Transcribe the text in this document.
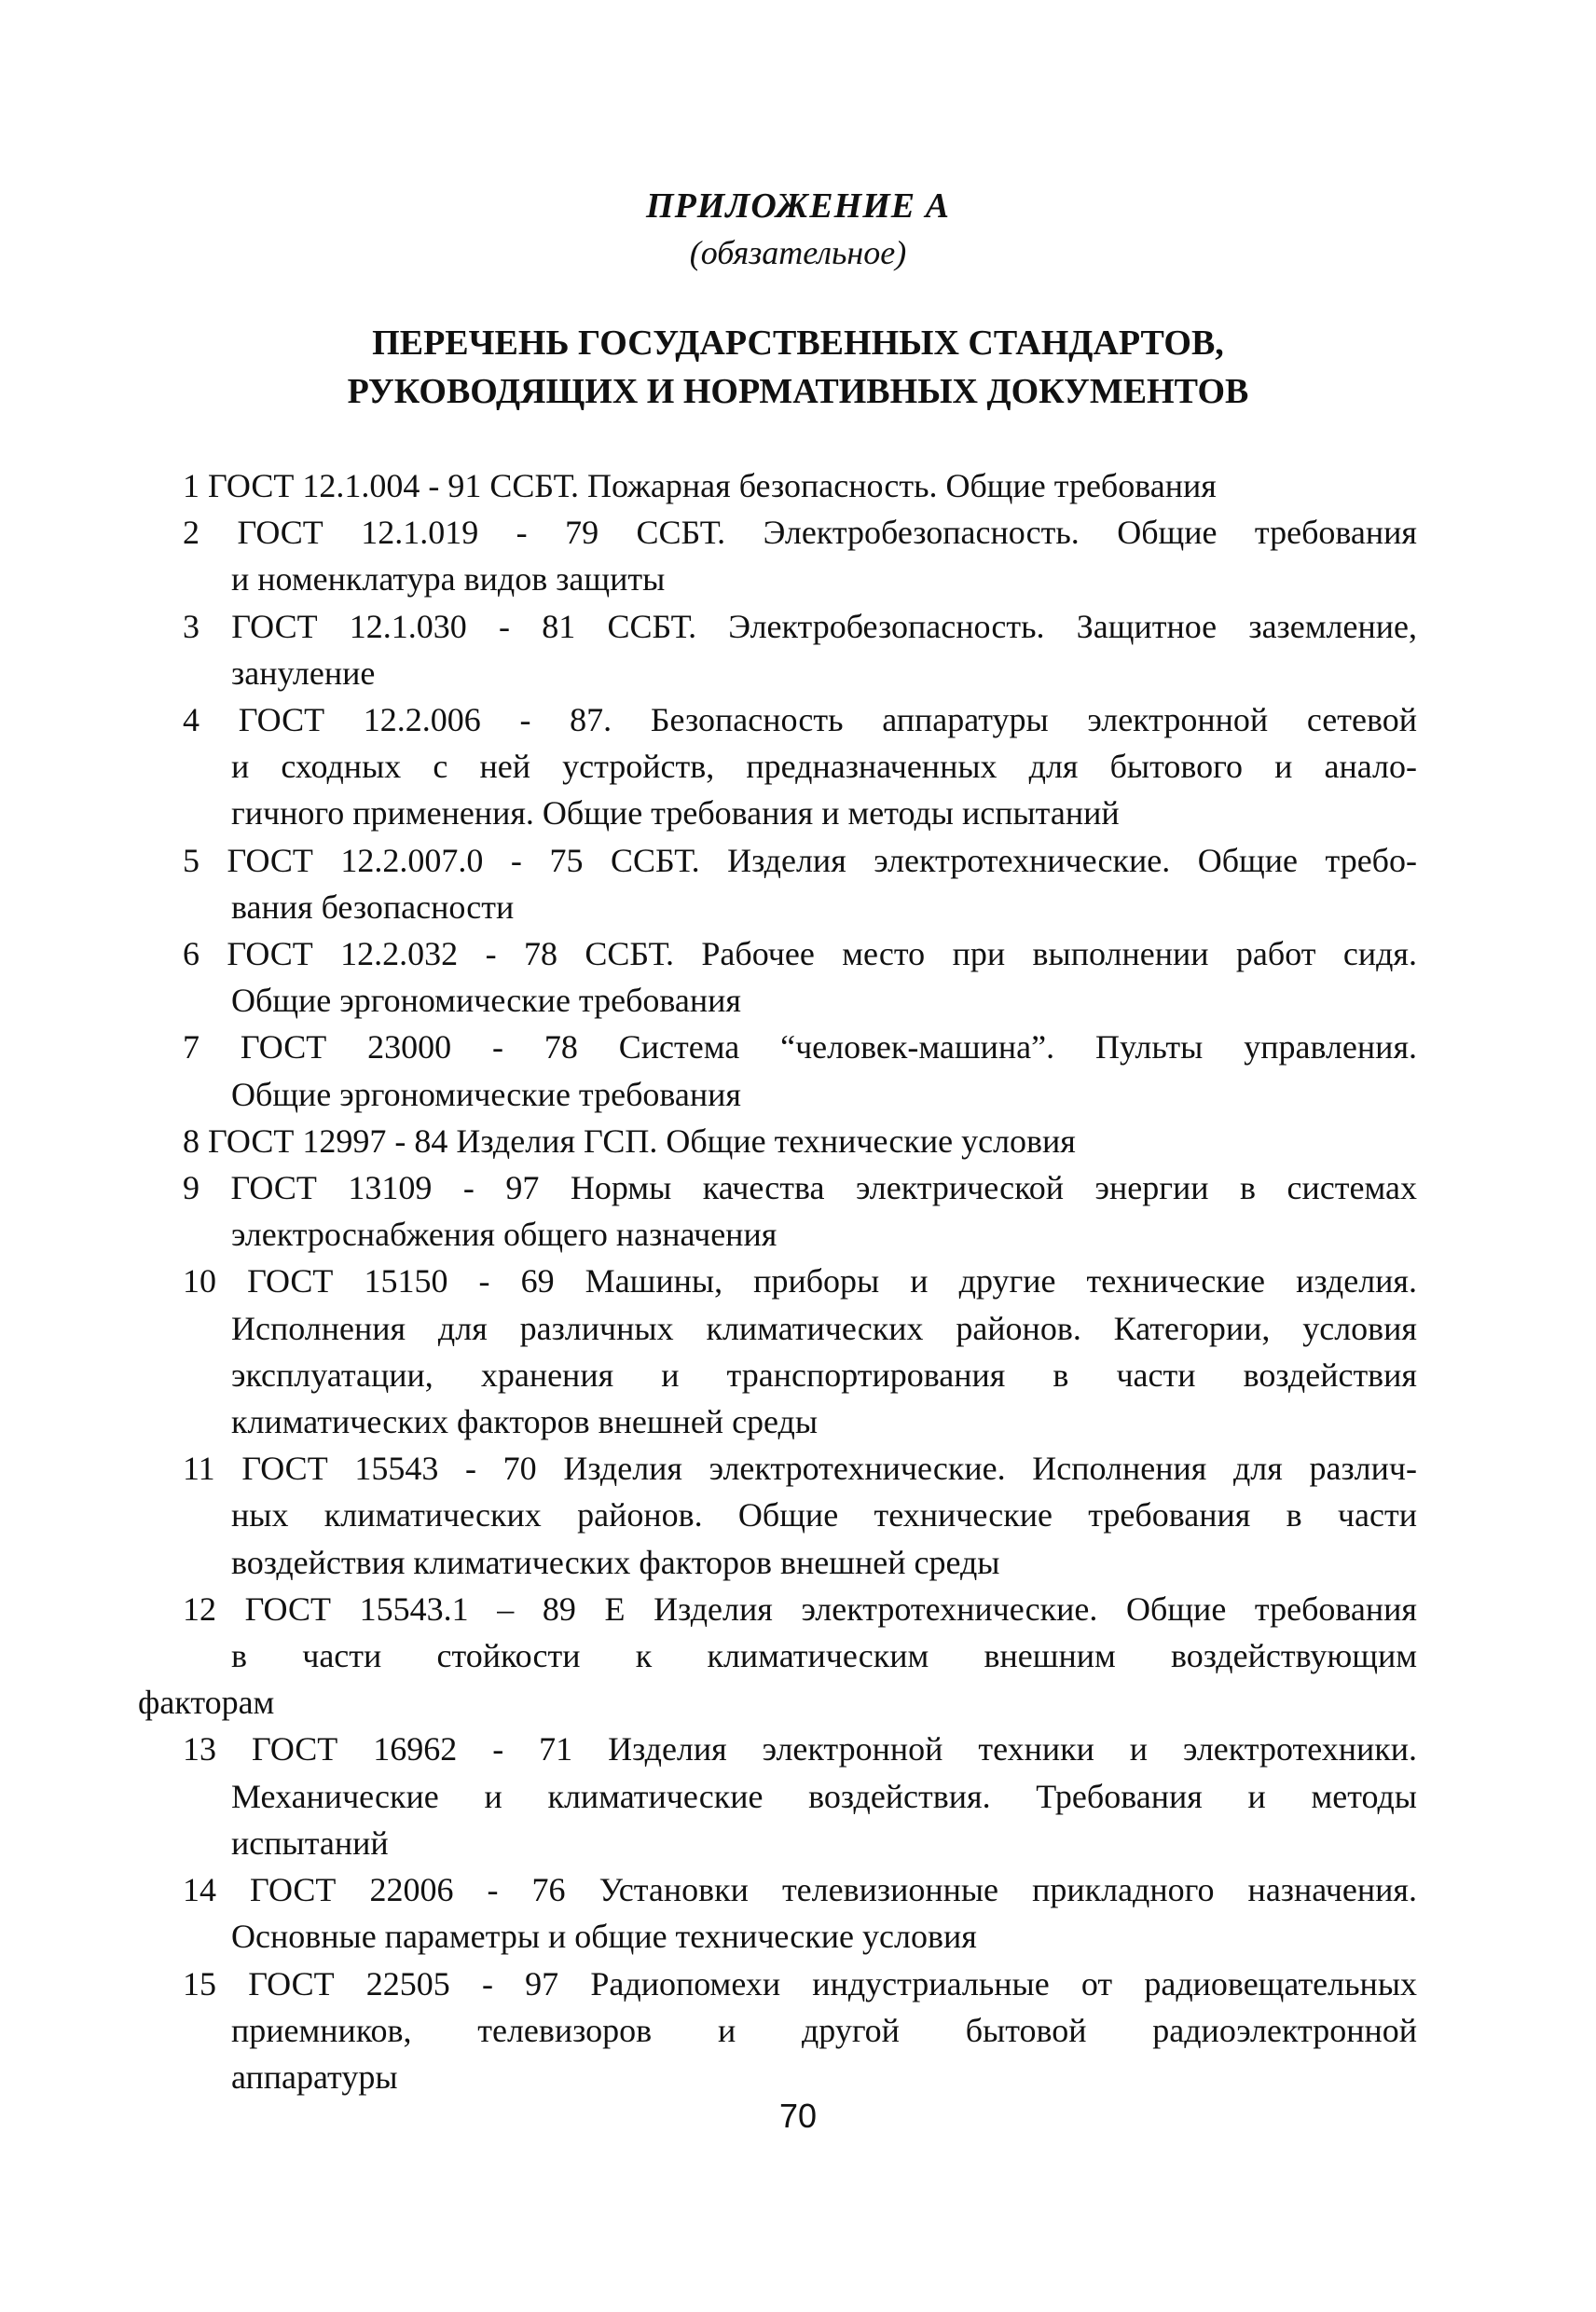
ПРИЛОЖЕНИЕ А
(обязательное)
ПЕРЕЧЕНЬ ГОСУДАРСТВЕННЫХ СТАНДАРТОВ,
РУКОВОДЯЩИХ И НОРМАТИВНЫХ ДОКУМЕНТОВ
1 ГОСТ 12.1.004 - 91 ССБТ. Пожарная безопасность. Общие требования
2 ГОСТ 12.1.019 - 79 ССБТ. Электробезопасность. Общие требования
и номенклатура видов защиты
3 ГОСТ 12.1.030 - 81 ССБТ. Электробезопасность. Защитное заземление,
зануление
4 ГОСТ 12.2.006 - 87. Безопасность аппаратуры электронной сетевой
и сходных с ней устройств, предназначенных для бытового и анало-
гичного применения. Общие требования и методы испытаний
5 ГОСТ 12.2.007.0 - 75 ССБТ. Изделия электротехнические. Общие требо-
вания безопасности
6 ГОСТ 12.2.032 - 78 ССБТ. Рабочее место при выполнении работ сидя.
Общие эргономические требования
7 ГОСТ 23000 - 78 Система “человек-машина”. Пульты управления.
Общие эргономические требования
8 ГОСТ 12997 - 84 Изделия ГСП. Общие технические условия
9 ГОСТ 13109 - 97 Нормы качества электрической энергии в системах
электроснабжения общего назначения
10 ГОСТ 15150 - 69 Машины, приборы и другие технические изделия.
Исполнения для различных климатических районов. Категории, условия
эксплуатации, хранения и транспортирования в части воздействия
климатических факторов внешней среды
11 ГОСТ 15543 - 70 Изделия электротехнические. Исполнения для различ-
ных климатических районов. Общие технические требования в части
воздействия климатических факторов внешней среды
12 ГОСТ 15543.1 – 89 Е Изделия электротехнические. Общие требования
в части стойкости к климатическим внешним воздействующим
факторам
13 ГОСТ 16962 - 71 Изделия электронной техники и электротехники.
Механические и климатические воздействия. Требования и методы
испытаний
14 ГОСТ 22006 - 76 Установки телевизионные прикладного назначения.
Основные параметры и общие технические условия
15 ГОСТ 22505 - 97 Радиопомехи индустриальные от радиовещательных
приемников, телевизоров и другой бытовой радиоэлектронной
аппаратуры
70
